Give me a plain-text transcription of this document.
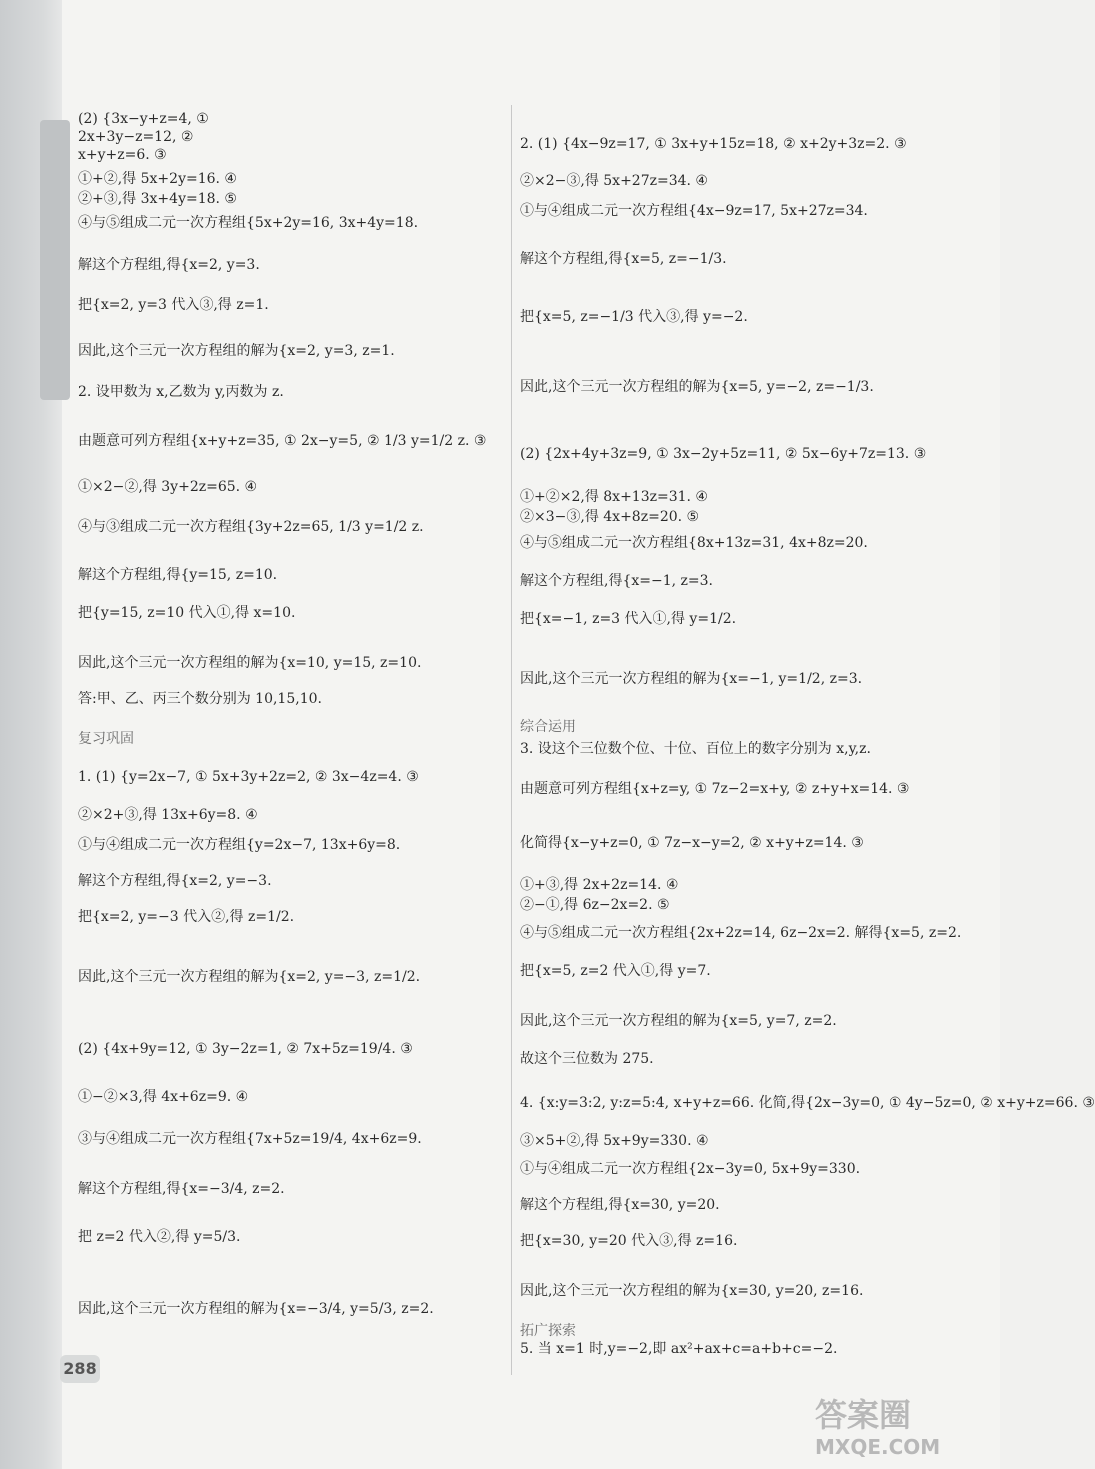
(2) {3x−y+z=4, ①
2x+3y−z=12, ②
x+y+z=6. ③
①+②,得 5x+2y=16. ④
②+③,得 3x+4y=18. ⑤
④与⑤组成二元一次方程组{5x+2y=16, 3x+4y=18.
解这个方程组,得{x=2, y=3.
把{x=2, y=3 代入③,得 z=1.
因此,这个三元一次方程组的解为{x=2, y=3, z=1.
2. 设甲数为 x,乙数为 y,丙数为 z.
由题意可列方程组{x+y+z=35, ① 2x−y=5, ② 1/3 y=1/2 z. ③
①×2−②,得 3y+2z=65. ④
④与③组成二元一次方程组{3y+2z=65, 1/3 y=1/2 z.
解这个方程组,得{y=15, z=10.
把{y=15, z=10 代入①,得 x=10.
因此,这个三元一次方程组的解为{x=10, y=15, z=10.
答:甲、乙、丙三个数分别为 10,15,10.
复习巩固
1. (1) {y=2x−7, ① 5x+3y+2z=2, ② 3x−4z=4. ③
②×2+③,得 13x+6y=8. ④
①与④组成二元一次方程组{y=2x−7, 13x+6y=8.
解这个方程组,得{x=2, y=−3.
把{x=2, y=−3 代入②,得 z=1/2.
因此,这个三元一次方程组的解为{x=2, y=−3, z=1/2.
(2) {4x+9y=12, ① 3y−2z=1, ② 7x+5z=19/4. ③
①−②×3,得 4x+6z=9. ④
③与④组成二元一次方程组{7x+5z=19/4, 4x+6z=9.
解这个方程组,得{x=−3/4, z=2.
把 z=2 代入②,得 y=5/3.
因此,这个三元一次方程组的解为{x=−3/4, y=5/3, z=2.
2. (1) {4x−9z=17, ① 3x+y+15z=18, ② x+2y+3z=2. ③
②×2−③,得 5x+27z=34. ④
①与④组成二元一次方程组{4x−9z=17, 5x+27z=34.
解这个方程组,得{x=5, z=−1/3.
把{x=5, z=−1/3 代入③,得 y=−2.
因此,这个三元一次方程组的解为{x=5, y=−2, z=−1/3.
(2) {2x+4y+3z=9, ① 3x−2y+5z=11, ② 5x−6y+7z=13. ③
①+②×2,得 8x+13z=31. ④
②×3−③,得 4x+8z=20. ⑤
④与⑤组成二元一次方程组{8x+13z=31, 4x+8z=20.
解这个方程组,得{x=−1, z=3.
把{x=−1, z=3 代入①,得 y=1/2.
因此,这个三元一次方程组的解为{x=−1, y=1/2, z=3.
综合运用
3. 设这个三位数个位、十位、百位上的数字分别为 x,y,z.
由题意可列方程组{x+z=y, ① 7z−2=x+y, ② z+y+x=14. ③
化简得{x−y+z=0, ① 7z−x−y=2, ② x+y+z=14. ③
①+③,得 2x+2z=14. ④
②−①,得 6z−2x=2. ⑤
④与⑤组成二元一次方程组{2x+2z=14, 6z−2x=2. 解得{x=5, z=2.
把{x=5, z=2 代入①,得 y=7.
因此,这个三元一次方程组的解为{x=5, y=7, z=2.
故这个三位数为 275.
4. {x:y=3:2, y:z=5:4, x+y+z=66. 化简,得{2x−3y=0, ① 4y−5z=0, ② x+y+z=66. ③
③×5+②,得 5x+9y=330. ④
①与④组成二元一次方程组{2x−3y=0, 5x+9y=330.
解这个方程组,得{x=30, y=20.
把{x=30, y=20 代入③,得 z=16.
因此,这个三元一次方程组的解为{x=30, y=20, z=16.
拓广探索
5. 当 x=1 时,y=−2,即 ax²+ax+c=a+b+c=−2.
288
答案圈
MXQE.COM
